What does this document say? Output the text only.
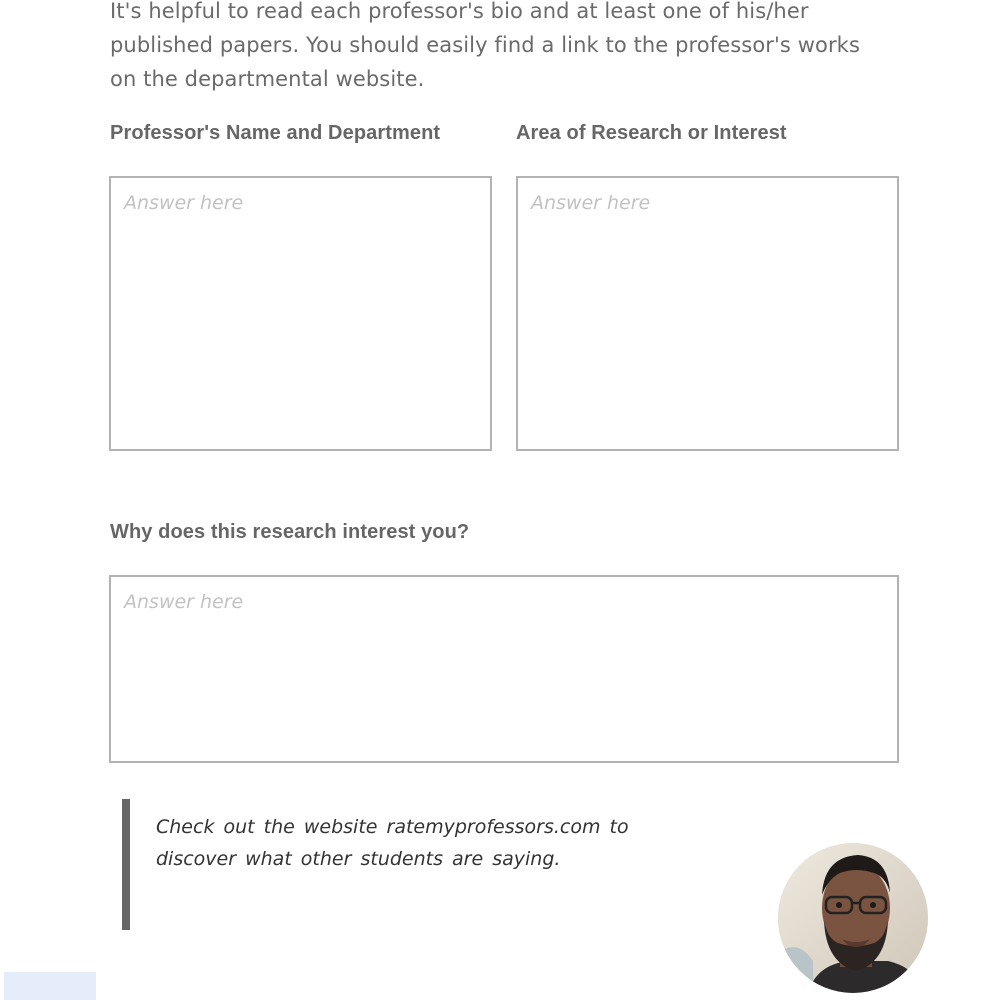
It's helpful to read each professor's bio and at least one of his/her published papers. You should easily find a link to the professor's works on the departmental website.

Professor's Name and Department	Area of Research or Interest
Answer here	Answer here
Why does this research interest you?
Answer here

Check out the website ratemyprofessors.com to discover what other students are saying.
